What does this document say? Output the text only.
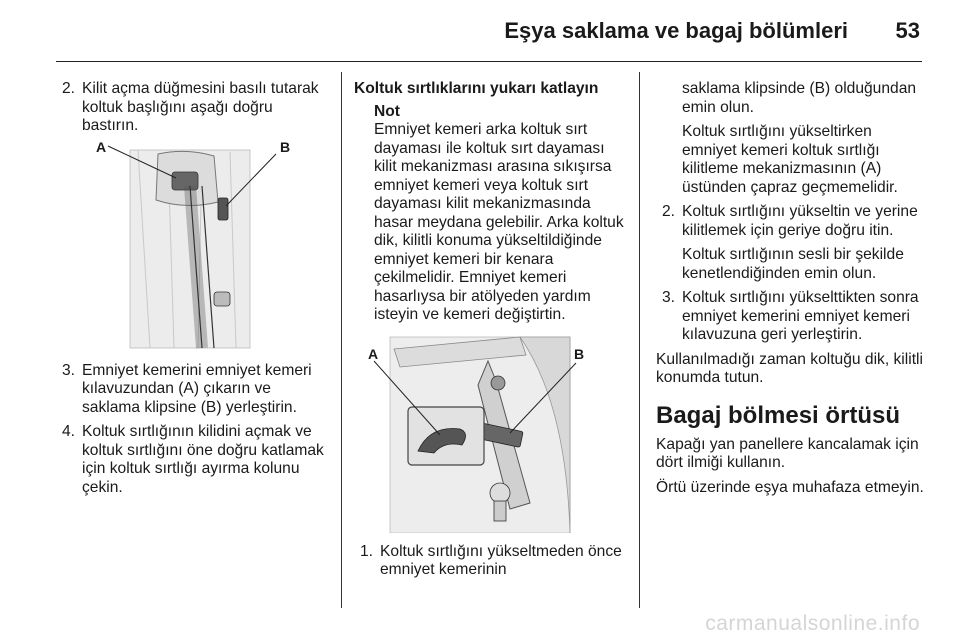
Eşya saklama ve bagaj bölümleri 53
2. Kilit açma düğmesini basılı tutarak koltuk başlığını aşağı doğru bastırın.
A	B
3. Emniyet kemerini emniyet kemeri kılavuzundan (A) çıkarın ve saklama klipsine (B) yerleştirin.
4. Koltuk sırtlığının kilidini açmak ve koltuk sırtlığını öne doğru katlamak için koltuk sırtlığı ayırma kolunu çekin.
Koltuk sırtlıklarını yukarı katlayın
Not

Emniyet kemeri arka koltuk sırt dayaması ile koltuk sırt dayaması kilit mekanizması arasına sıkışırsa emniyet kemeri veya koltuk sırt dayaması kilit mekanizmasında hasar meydana gelebilir. Arka koltuk dik, kilitli konuma yükseltildiğinde emniyet kemeri bir kenara çekilmelidir. Emniyet kemeri hasarlıysa bir atölyeden yardım isteyin ve kemeri değiştirtin.

A	B
1. Koltuk sırtlığını yükseltmeden önce emniyet kemerinin

saklama klipsinde (B) olduğundan emin olun.

Koltuk sırtlığını yükseltirken emniyet kemeri koltuk sırtlığı kilitleme mekanizmasının (A) üstünden çapraz geçmemelidir.

2. Koltuk sırtlığını yükseltin ve yerine kilitlemek için geriye doğru itin.

Koltuk sırtlığının sesli bir şekilde kenetlendiğinden emin olun.

3. Koltuk sırtlığını yükselttikten sonra emniyet kemerini emniyet kemeri kılavuzuna geri yerleştirin.

Kullanılmadığı zaman koltuğu dik, kilitli konumda tutun.

Bagaj bölmesi örtüsü

Kapağı yan panellere kancalamak için dört ilmiği kullanın.

Örtü üzerinde eşya muhafaza etmeyin.

carmanualsonline.info
